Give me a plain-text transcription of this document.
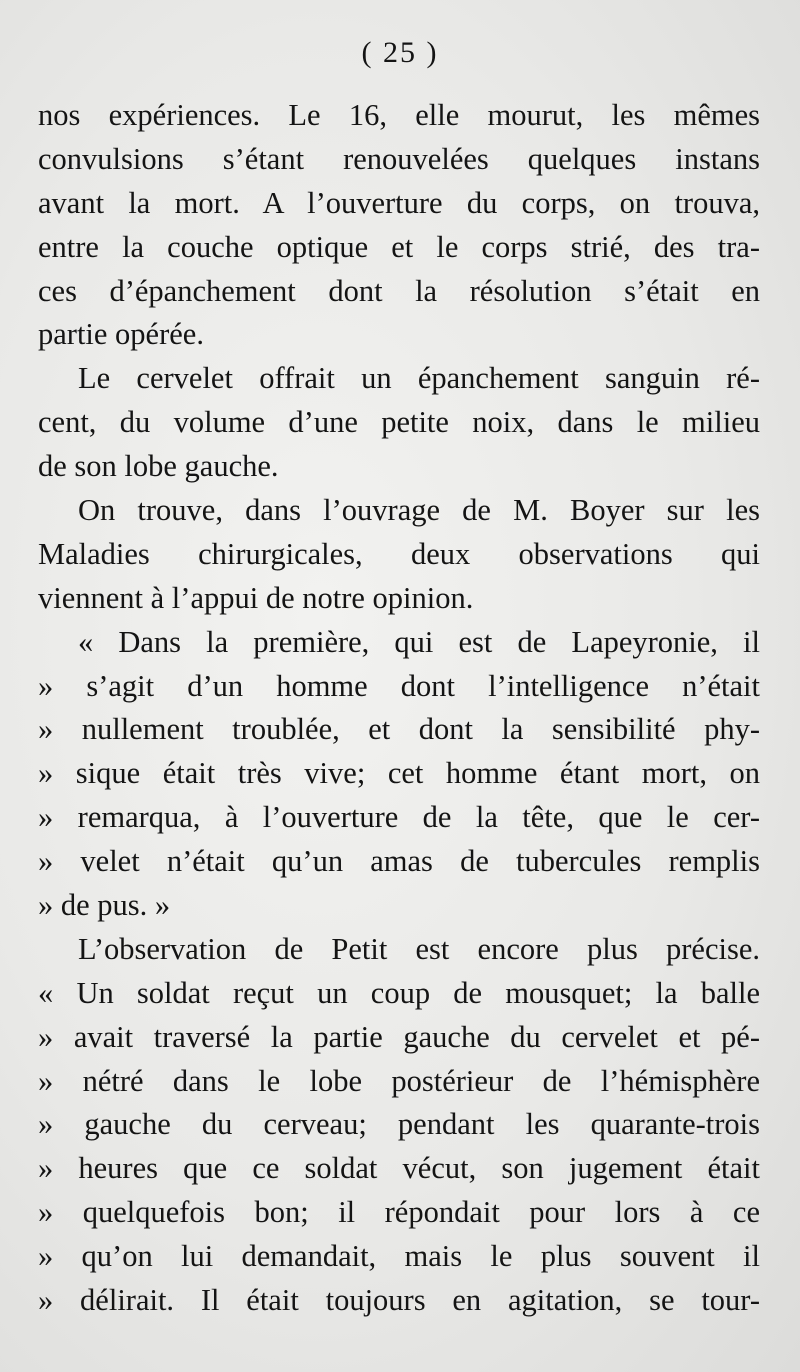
( 25 )
nos expériences. Le 16, elle mourut, les mêmes
convulsions s’étant renouvelées quelques instans
avant la mort. A l’ouverture du corps, on trouva,
entre la couche optique et le corps strié, des tra-
ces d’épanchement dont la résolution s’était en
partie opérée.
Le cervelet offrait un épanchement sanguin ré-
cent, du volume d’une petite noix, dans le milieu
de son lobe gauche.
On trouve, dans l’ouvrage de M. Boyer sur les
Maladies chirurgicales, deux observations qui
viennent à l’appui de notre opinion.
« Dans la première, qui est de Lapeyronie, il
» s’agit d’un homme dont l’intelligence n’était
» nullement troublée, et dont la sensibilité phy-
» sique était très vive; cet homme étant mort, on
» remarqua, à l’ouverture de la tête, que le cer-
» velet n’était qu’un amas de tubercules remplis
» de pus. »
L’observation de Petit est encore plus précise.
« Un soldat reçut un coup de mousquet; la balle
» avait traversé la partie gauche du cervelet et pé-
» nétré dans le lobe postérieur de l’hémisphère
» gauche du cerveau; pendant les quarante-trois
» heures que ce soldat vécut, son jugement était
» quelquefois bon; il répondait pour lors à ce
» qu’on lui demandait, mais le plus souvent il
» délirait. Il était toujours en agitation, se tour-
